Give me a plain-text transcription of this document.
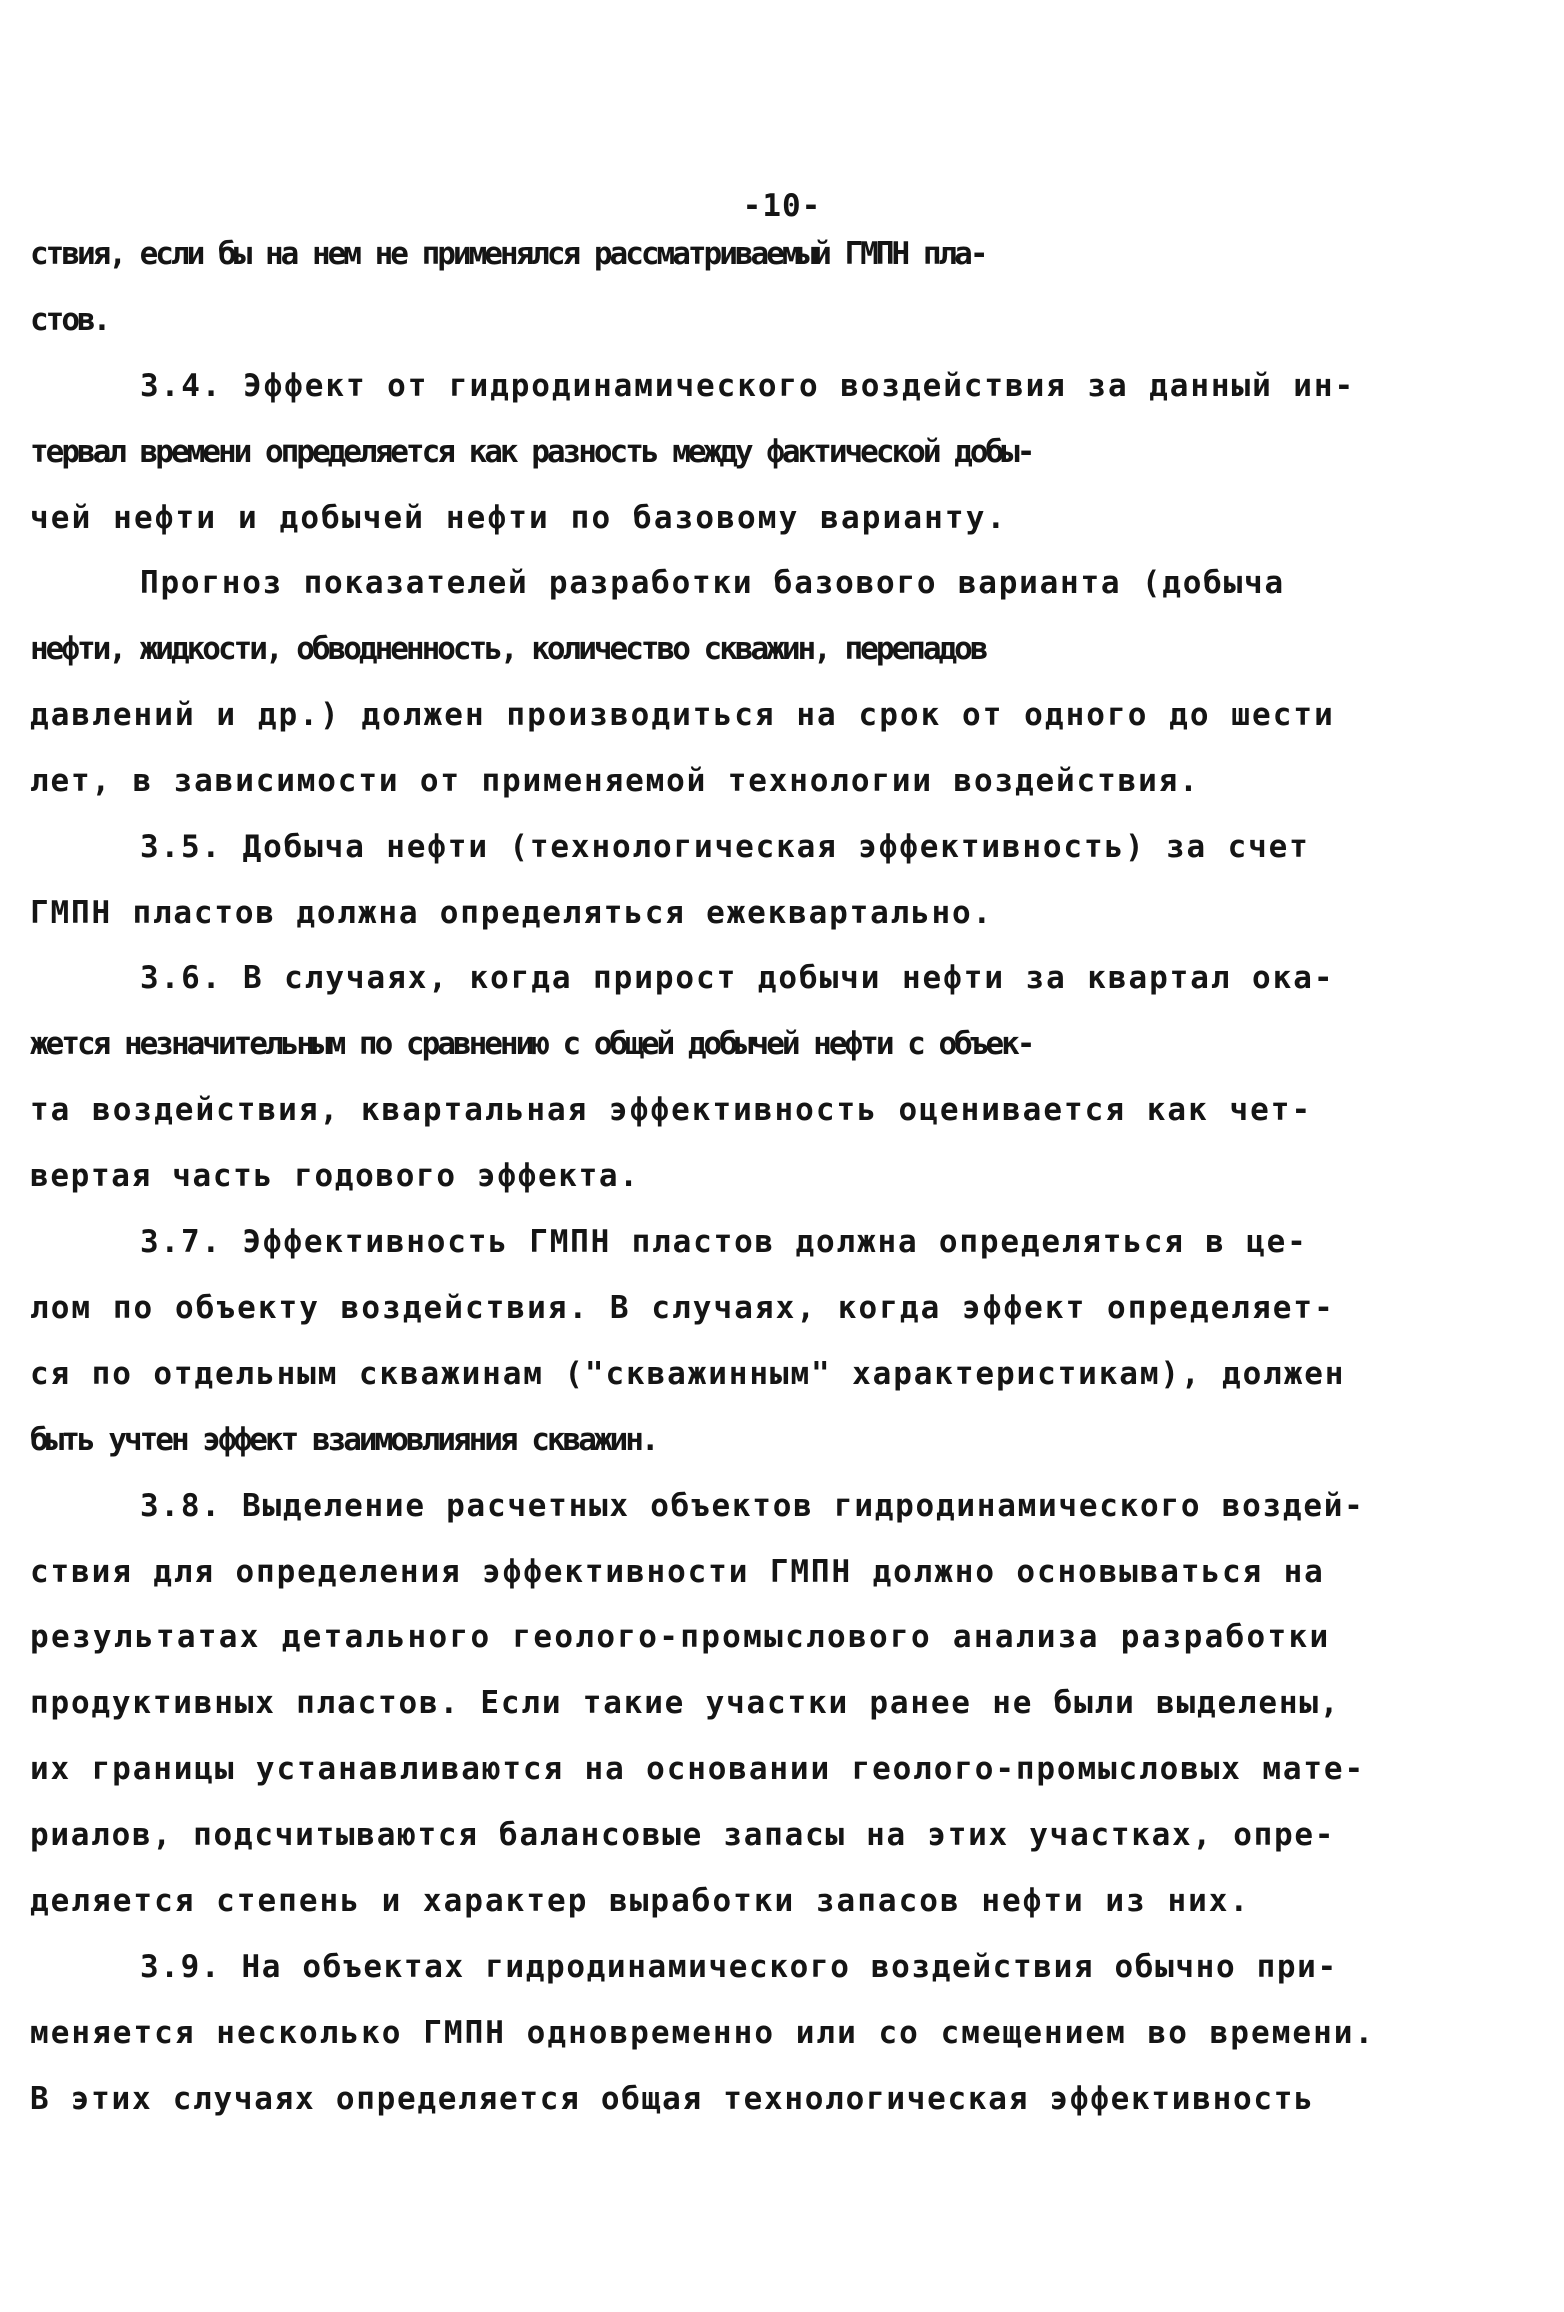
-10-
ствия, если бы на нем не применялся рассматриваемый ГМПН пла-
стов.
3.4. Эффект от гидродинамического воздействия за данный ин-
тервал времени определяется как разность между фактической добы-
чей нефти и добычей нефти по базовому варианту.
Прогноз показателей разработки базового варианта (добыча
нефти, жидкости, обводненность, количество скважин, перепадов
давлений и др.) должен производиться на срок от одного до шести
лет, в зависимости от применяемой технологии воздействия.
3.5. Добыча нефти (технологическая эффективность) за счет
ГМПН пластов должна определяться ежеквартально.
3.6. В случаях, когда прирост добычи нефти за квартал ока-
жется незначительным по сравнению с общей добычей нефти с объек-
та воздействия, квартальная эффективность оценивается как чет-
вертая часть годового эффекта.
3.7. Эффективность ГМПН пластов должна определяться в це-
лом по объекту воздействия. В случаях, когда эффект определяет-
ся по отдельным скважинам ("скважинным" характеристикам), должен
быть учтен эффект взаимовлияния скважин.
3.8. Выделение расчетных объектов гидродинамического воздей-
ствия для определения эффективности ГМПН должно основываться на
результатах детального геолого-промыслового анализа разработки
продуктивных пластов. Если такие участки ранее не были выделены,
их границы устанавливаются на основании геолого-промысловых мате-
риалов, подсчитываются балансовые запасы на этих участках, опре-
деляется степень и характер выработки запасов нефти из них.
3.9. На объектах гидродинамического воздействия обычно при-
меняется несколько ГМПН одновременно или со смещением во времени.
В этих случаях определяется общая технологическая эффективность
